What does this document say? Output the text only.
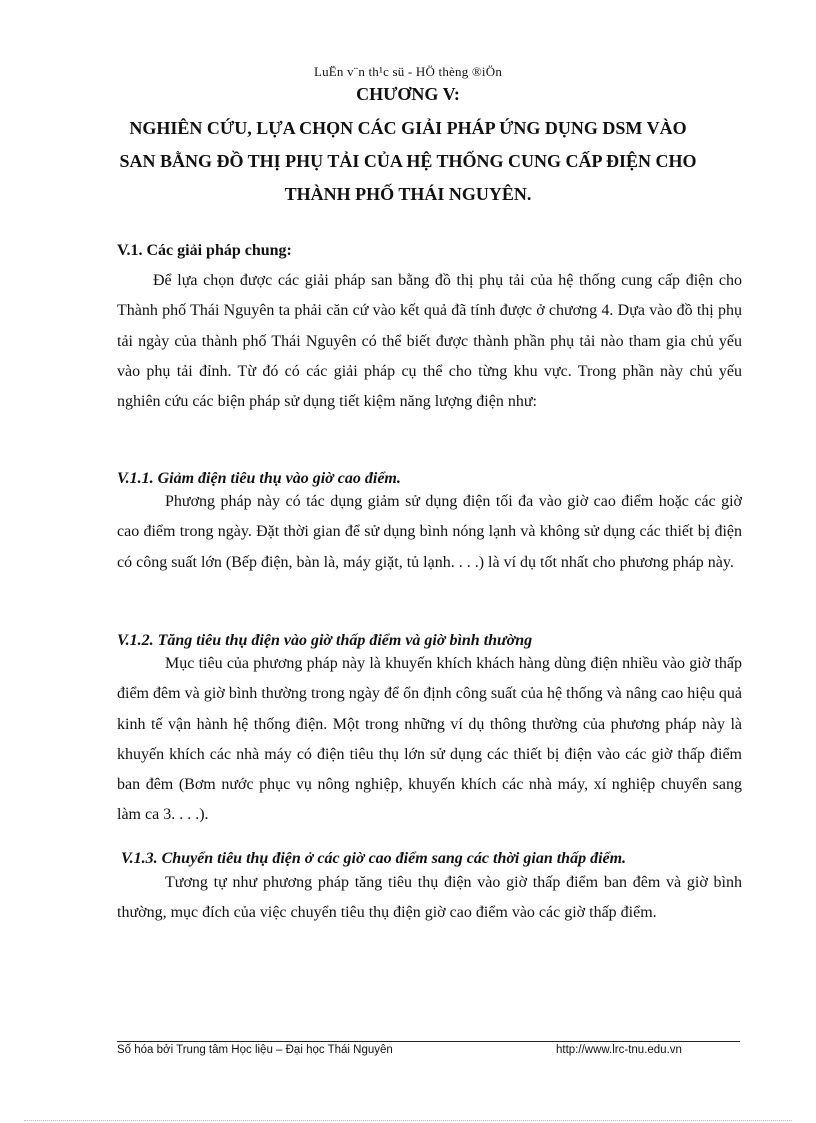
LuËn v¨n th¹c sü - HÖ thèng ®iÖn
CHƯƠNG V:
NGHIÊN CỨU, LỰA CHỌN CÁC GIẢI PHÁP ỨNG DỤNG DSM VÀO SAN BẰNG ĐỒ THỊ PHỤ TẢI CỦA HỆ THỐNG CUNG CẤP ĐIỆN CHO THÀNH PHỐ THÁI NGUYÊN.
V.1. Các giải pháp chung:

Để lựa chọn được các giải pháp san bằng đồ thị phụ tải của hệ thống cung cấp điện cho Thành phố Thái Nguyên ta phải căn cứ vào kết quả đã tính được ở chương 4. Dựa vào đồ thị phụ tải ngày của thành phố Thái Nguyên có thể biết được thành phần phụ tải nào tham gia chủ yếu vào phụ tải đỉnh. Từ đó có các giải pháp cụ thể cho từng khu vực. Trong phần này chủ yếu nghiên cứu các biện pháp sử dụng tiết kiệm năng lượng điện như:

V.1.1. Giảm điện tiêu thụ vào giờ cao điểm.

Phương pháp này có tác dụng giảm sử dụng điện tối đa vào giờ cao điểm hoặc các giờ cao điểm trong ngày. Đặt thời gian để sử dụng bình nóng lạnh và không sử dụng các thiết bị điện có công suất lớn (Bếp điện, bàn là, máy giặt, tủ lạnh. . . .) là ví dụ tốt nhất cho phương pháp này.

V.1.2. Tăng tiêu thụ điện vào giờ thấp điểm và giờ bình thường

Mục tiêu của phương pháp này là khuyến khích khách hàng dùng điện nhiều vào giờ thấp điểm đêm và giờ bình thường trong ngày để ổn định công suất của hệ thống và nâng cao hiệu quả kinh tế vận hành hệ thống điện. Một trong những ví dụ thông thường của phương pháp này là khuyến khích các nhà máy có điện tiêu thụ lớn sử dụng các thiết bị điện vào các giờ thấp điểm ban đêm (Bơm nước phục vụ nông nghiệp, khuyến khích các nhà máy, xí nghiệp chuyển sang làm ca 3. . . .).

V.1.3. Chuyển tiêu thụ điện ở các giờ cao điểm sang các thời gian thấp điểm.

Tương tự như phương pháp tăng tiêu thụ điện vào giờ thấp điểm ban đêm và giờ bình thường, mục đích của việc chuyển tiêu thụ điện giờ cao điểm vào các giờ thấp điểm.

Số hóa bởi Trung tâm Học liệu – Đại học Thái Nguyên	http://www.lrc-tnu.edu.vn
